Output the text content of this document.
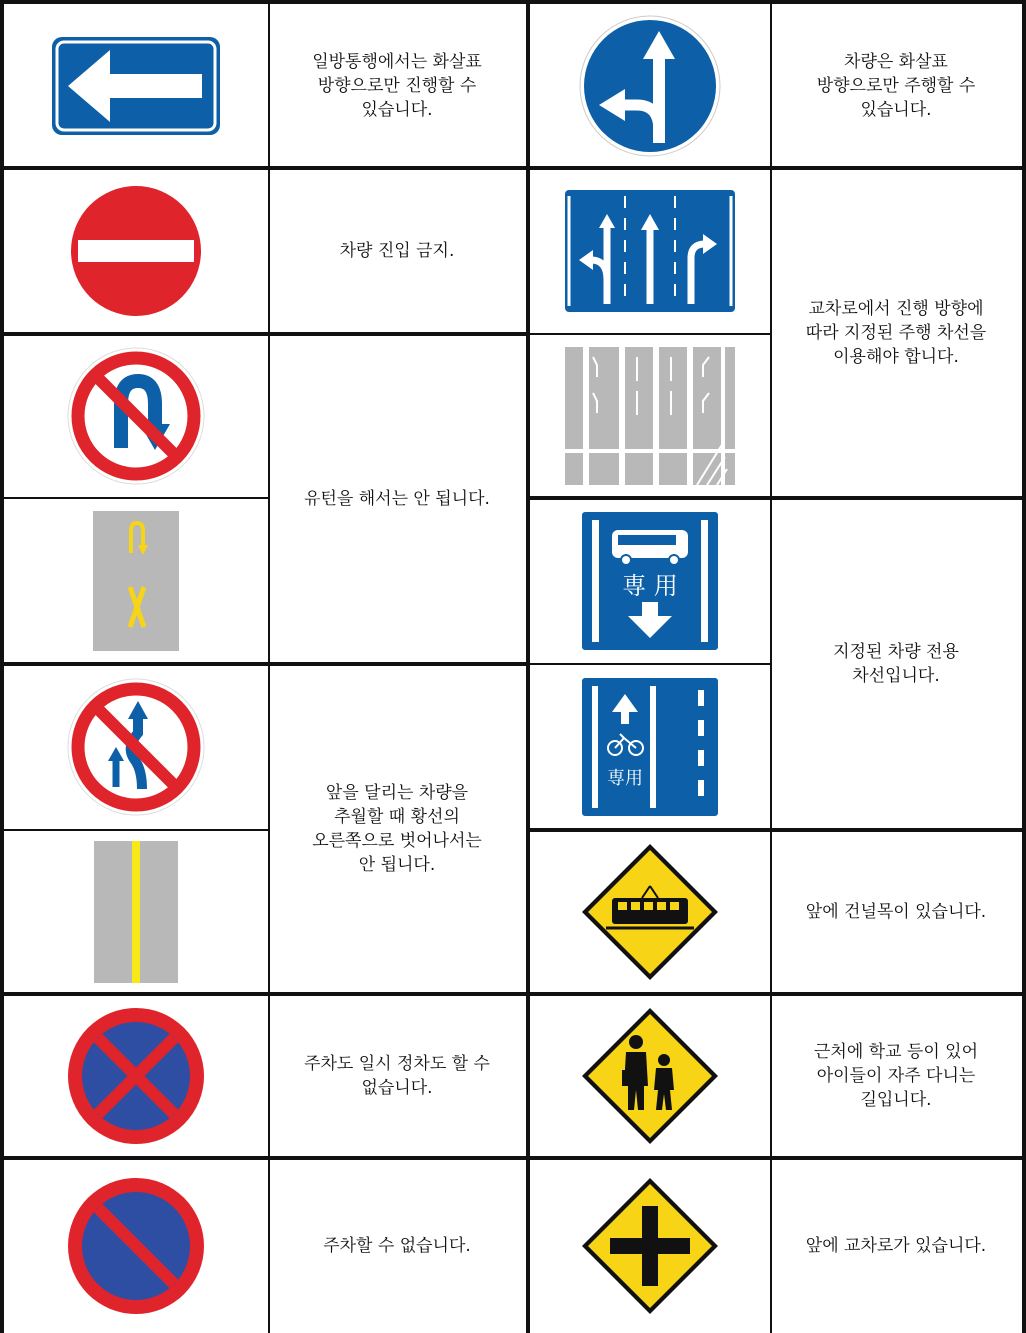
일방통행에서는 화살표
방향으로만 진행할 수
있습니다.
차량 진입 금지.
유턴을 해서는 안 됩니다.
앞을 달리는 차량을
추월할 때 황선의
오른쪽으로 벗어나서는
안 됩니다.
주차도 일시 정차도 할 수
없습니다.
주차할 수 없습니다.
専 用
専用
차량은 화살표
방향으로만 주행할 수
있습니다.
교차로에서 진행 방향에
따라 지정된 주행 차선을
이용해야 합니다.
지정된 차량 전용
차선입니다.
앞에 건널목이 있습니다.
근처에 학교 등이 있어
아이들이 자주 다니는
길입니다.
앞에 교차로가 있습니다.
